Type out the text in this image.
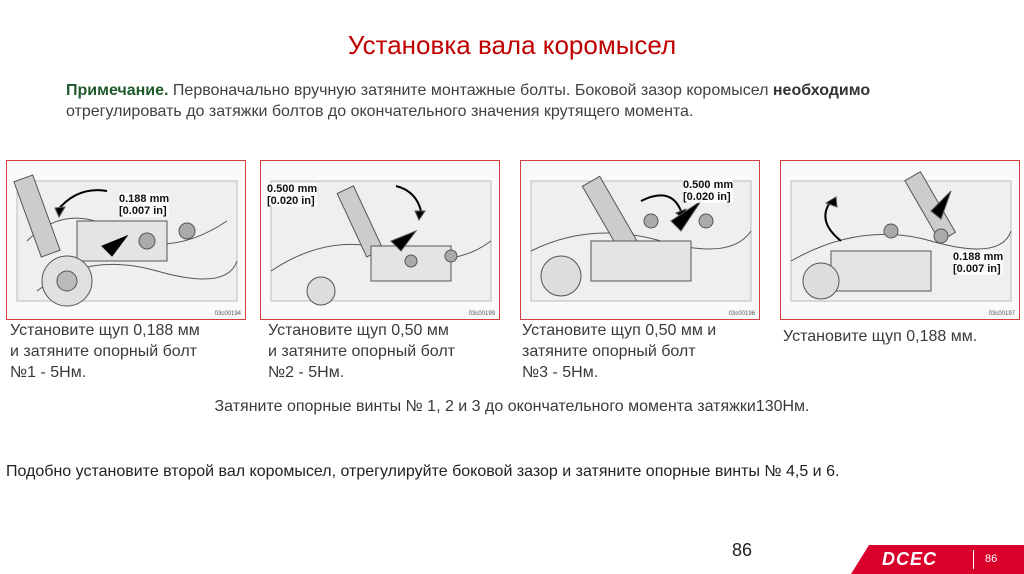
Установка вала коромысел
Примечание. Первоначально вручную затяните монтажные болты. Боковой зазор коромысел необходимо отрегулировать до затяжки болтов до окончательного значения крутящего момента.
0.188 mm
[0.007 in]
03c00194
0.500 mm
[0.020 in]
03c00199
0.500 mm
[0.020 in]
03c00196
0.188 mm
[0.007 in]
03c00197
Установите щуп 0,188 мм
и затяните опорный болт
№1 - 5Нм.
Установите щуп 0,50 мм
и затяните опорный болт
№2 - 5Нм.
Установите щуп 0,50 мм и
затяните опорный болт
№3 - 5Нм.
Установите щуп 0,188 мм.
Затяните опорные винты № 1, 2 и 3 до окончательного момента затяжки130Нм.
Подобно установите второй вал коромысел, отрегулируйте боковой зазор и затяните опорные винты № 4,5 и 6.
86	DCEC	86
